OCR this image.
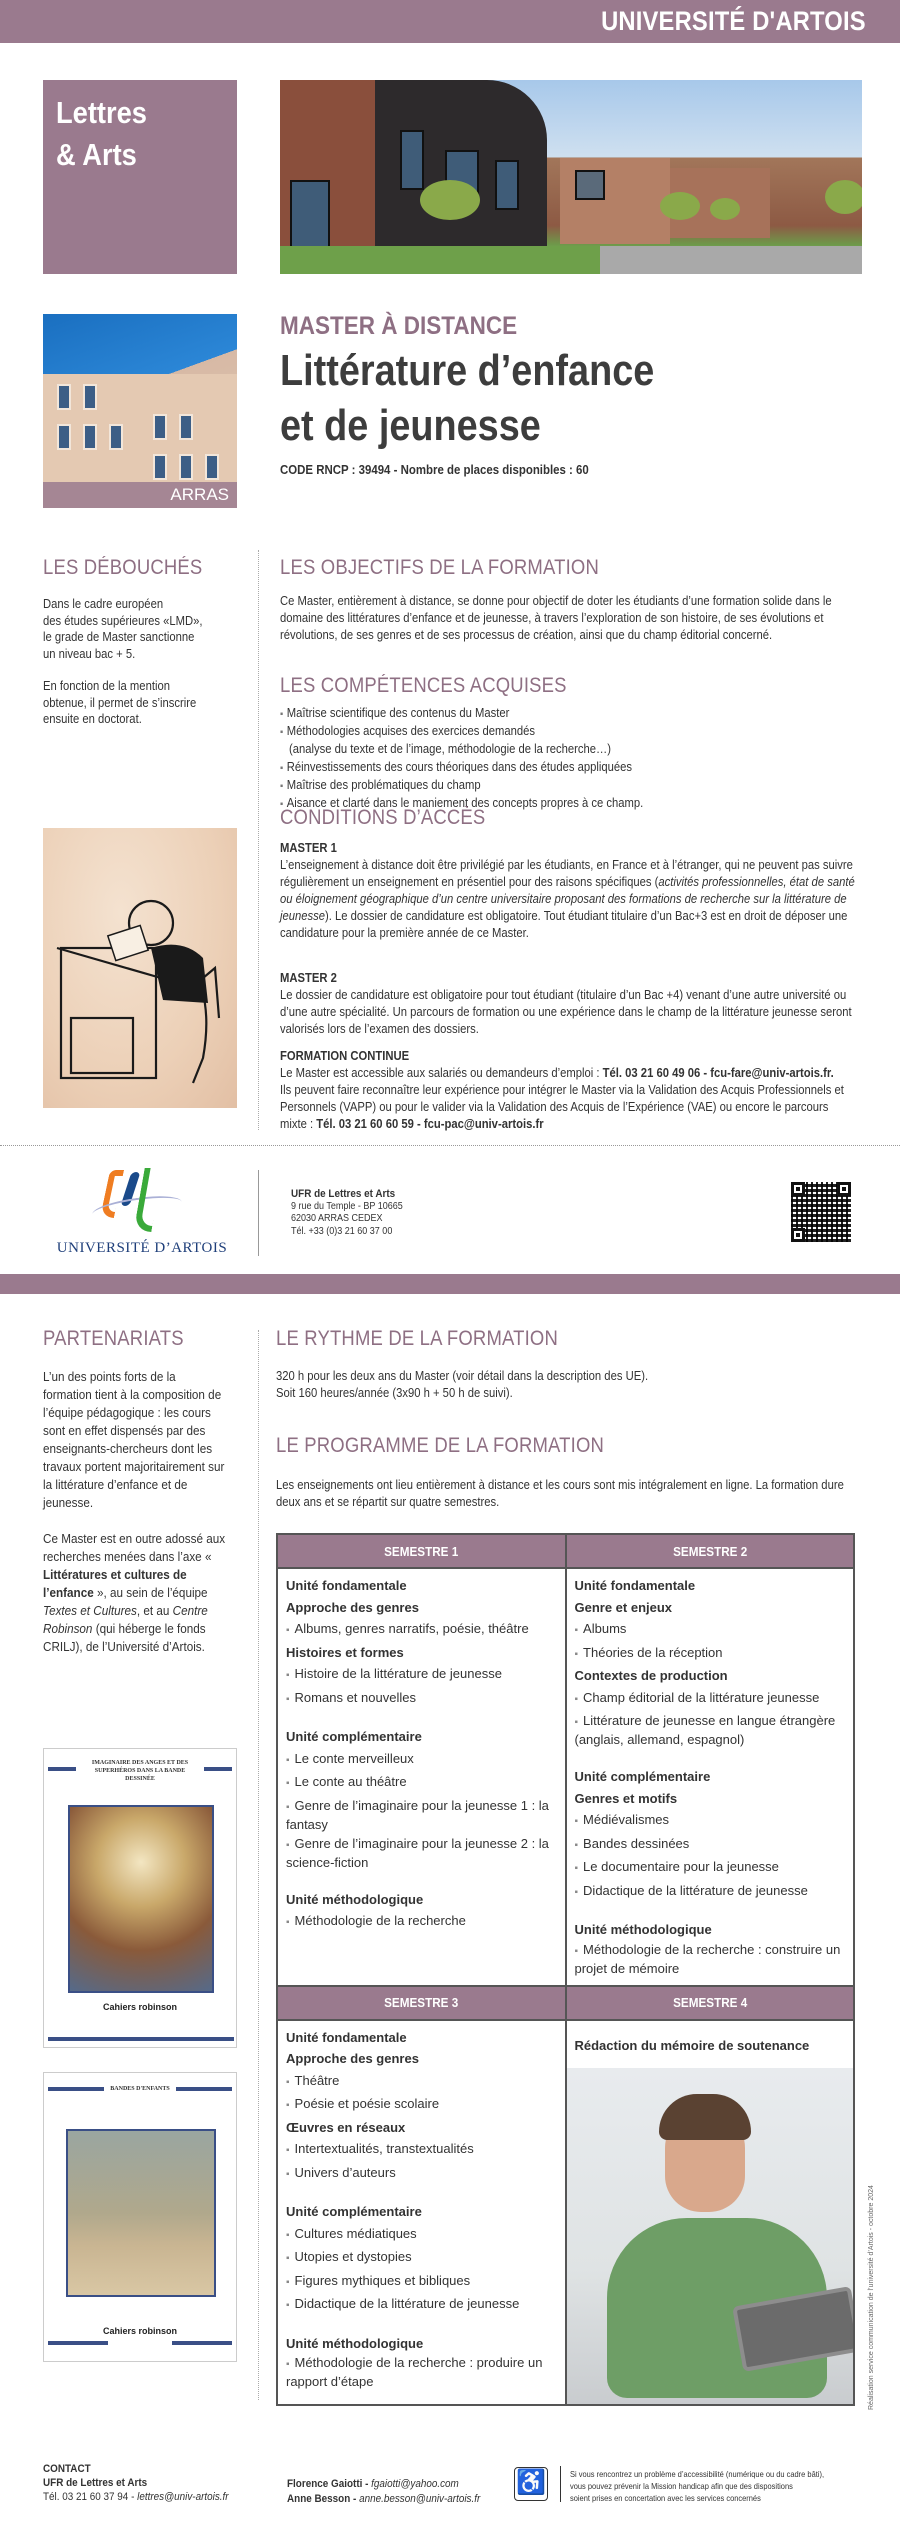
UNIVERSITÉ D'ARTOIS
Lettres
& Arts
ARRAS
MASTER À DISTANCE
Littérature d’enfance
et de jeunesse
CODE RNCP : 39494 - Nombre de places disponibles : 60
LES DÉBOUCHÉS
Dans le cadre européen
des études supérieures «LMD»,
le grade de Master sanctionne
un niveau bac + 5.
En fonction de la mention
obtenue, il permet de s’inscrire
ensuite en doctorat.
LES OBJECTIFS DE LA FORMATION
Ce Master, entièrement à distance, se donne pour objectif de doter les étudiants d’une formation solide dans le domaine des littératures d’enfance et de jeunesse, à travers l’exploration de son histoire, de ses évolutions et révolutions, de ses genres et de ses processus de création, ainsi que du champ éditorial concerné.
LES COMPÉTENCES ACQUISES
▪ Maîtrise scientifique des contenus du Master
▪ Méthodologies acquises des exercices demandés
(analyse du texte et de l’image, méthodologie de la recherche…)
▪ Réinvestissements des cours théoriques dans des études appliquées
▪ Maîtrise des problématiques du champ
▪ Aisance et clarté dans le maniement des concepts propres à ce champ.
CONDITIONS D’ACCÈS
MASTER 1
L’enseignement à distance doit être privilégié par les étudiants, en France et à l’étranger, qui ne peuvent pas suivre régulièrement un enseignement en présentiel pour des raisons spécifiques (activités professionnelles, état de santé ou éloignement géographique d’un centre universitaire proposant des formations de recherche sur la littérature de jeunesse). Le dossier de candidature est obligatoire. Tout étudiant titulaire d’un Bac+3 est en droit de déposer une candidature pour la première année de ce Master.
MASTER 2
Le dossier de candidature est obligatoire pour tout étudiant (titulaire d’un Bac +4) venant d’une autre université ou d’une autre spécialité. Un parcours de formation ou une expérience dans le champ de la littérature jeunesse seront valorisés lors de l’examen des dossiers.
FORMATION CONTINUE
Le Master est accessible aux salariés ou demandeurs d’emploi : Tél. 03 21 60 49 06 - fcu-fare@univ-artois.fr.
Ils peuvent faire reconnaître leur expérience pour intégrer le Master via la Validation des Acquis Professionnels et Personnels (VAPP) ou pour le valider via la Validation des Acquis de l’Expérience (VAE) ou encore le parcours mixte : Tél. 03 21 60 60 59 - fcu-pac@univ-artois.fr
UNIVERSITÉ D’ARTOIS
UFR de Lettres et Arts
9 rue du Temple - BP 10665
62030 ARRAS CEDEX
Tél. +33 (0)3 21 60 37 00
PARTENARIATS
L’un des points forts de la formation tient à la composition de l’équipe pédagogique : les cours sont en effet dispensés par des enseignants-chercheurs dont les travaux portent majoritairement sur la littérature d’enfance et de jeunesse.
Ce Master est en outre adossé aux recherches menées dans l’axe « Littératures et cultures de l’enfance », au sein de l’équipe Textes et Cultures, et au Centre Robinson (qui héberge le fonds CRILJ), de l’Université d’Artois.
IMAGINAIRE DES ANGES ET DES SUPERHÉROS DANS LA BANDE DESSINÉE
Cahiers robinson
BANDES D'ENFANTS
Cahiers robinson
LE RYTHME DE LA FORMATION
320 h pour les deux ans du Master (voir détail dans la description des UE).
Soit 160 heures/année (3x90 h + 50 h de suivi).
LE PROGRAMME DE LA FORMATION
Les enseignements ont lieu entièrement à distance et les cours sont mis intégralement en ligne. La formation dure deux ans et se répartit sur quatre semestres.
SEMESTRE 1	SEMESTRE 2

Unité fondamentale
Approche des genres
▪ Albums, genres narratifs, poésie, théâtre
Histoires et formes
▪ Histoire de la littérature de jeunesse
▪ Romans et nouvelles
Unité complémentaire
▪ Le conte merveilleux
▪ Le conte au théâtre
▪ Genre de l’imaginaire pour la jeunesse 1 : la fantasy
▪ Genre de l’imaginaire pour la jeunesse 2 : la science-fiction
Unité méthodologique
▪ Méthodologie de la recherche

Unité fondamentale
Genre et enjeux
▪ Albums
▪ Théories de la réception
Contextes de production
▪ Champ éditorial de la littérature jeunesse
▪ Littérature de jeunesse en langue étrangère (anglais, allemand, espagnol)
Unité complémentaire
Genres et motifs
▪ Médiévalismes
▪ Bandes dessinées
▪ Le documentaire pour la jeunesse
▪ Didactique de la littérature de jeunesse
Unité méthodologique
▪ Méthodologie de la recherche : construire un projet de mémoire

SEMESTRE 3	SEMESTRE 4

Unité fondamentale
Approche des genres
▪ Théâtre
▪ Poésie et poésie scolaire
Œuvres en réseaux
▪ Intertextualités, transtextualités
▪ Univers d’auteurs
Unité complémentaire
▪ Cultures médiatiques
▪ Utopies et dystopies
▪ Figures mythiques et bibliques
▪ Didactique de la littérature de jeunesse
Unité méthodologique
▪ Méthodologie de la recherche : produire un rapport d’étape

Rédaction du mémoire de soutenance
Réalisation service communication de l’université d’Artois - octobre 2024
CONTACT
UFR de Lettres et Arts
Tél. 03 21 60 37 94 - lettres@univ-artois.fr
Florence Gaiotti - fgaiotti@yahoo.com
Anne Besson - anne.besson@univ-artois.fr
♿	Si vous rencontrez un problème d’accessibilité (numérique ou du cadre bâti),
vous pouvez prévenir la Mission handicap afin que des dispositions
soient prises en concertation avec les services concernés
